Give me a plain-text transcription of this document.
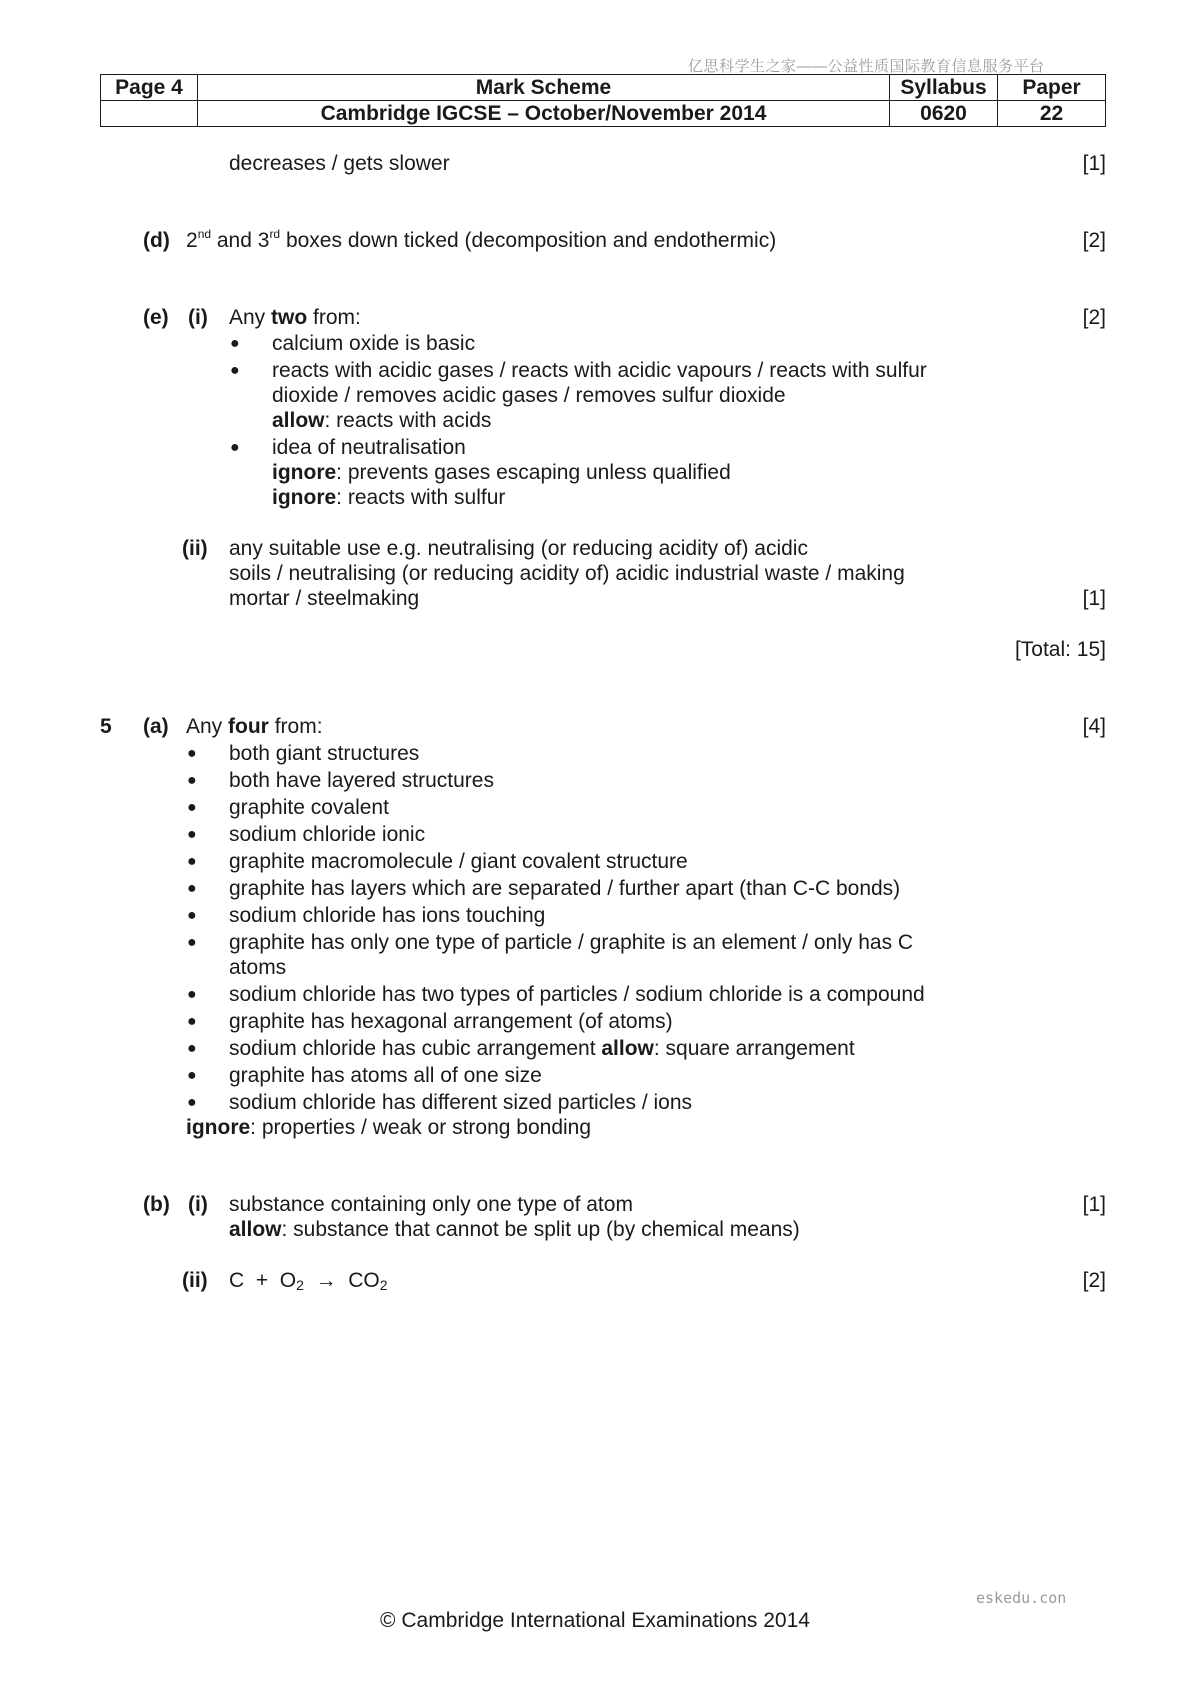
亿思科学生之家——公益性质国际教育信息服务平台
Page 4	Mark Scheme	Syllabus	Paper
	Cambridge IGCSE – October/November 2014	0620	22
decreases / gets slower	[1]
(d) 2nd and 3rd boxes down ticked (decomposition and endothermic)	[2]
(e) (i) Any two from:	[2]
● calcium oxide is basic
● reacts with acidic gases / reacts with acidic vapours / reacts with sulfur
dioxide / removes acidic gases / removes sulfur dioxide
allow: reacts with acids
● idea of neutralisation
ignore: prevents gases escaping unless qualified
ignore: reacts with sulfur
(ii) any suitable use e.g. neutralising (or reducing acidity of) acidic
soils / neutralising (or reducing acidity of) acidic industrial waste / making
mortar / steelmaking	[1]
[Total: 15]
5 (a) Any four from:	[4]
● both giant structures
● both have layered structures
● graphite covalent
● sodium chloride ionic
● graphite macromolecule / giant covalent structure
● graphite has layers which are separated / further apart (than C-C bonds)
● sodium chloride has ions touching
● graphite has only one type of particle / graphite is an element / only has C
atoms
● sodium chloride has two types of particles / sodium chloride is a compound
● graphite has hexagonal arrangement (of atoms)
● sodium chloride has cubic arrangement allow: square arrangement
● graphite has atoms all of one size
● sodium chloride has different sized particles / ions
ignore: properties / weak or strong bonding
(b) (i) substance containing only one type of atom	[1]
allow: substance that cannot be split up (by chemical means)
(ii) $C + O_2 \to CO_2$	[2]
eskedu.con
© Cambridge International Examinations 2014
